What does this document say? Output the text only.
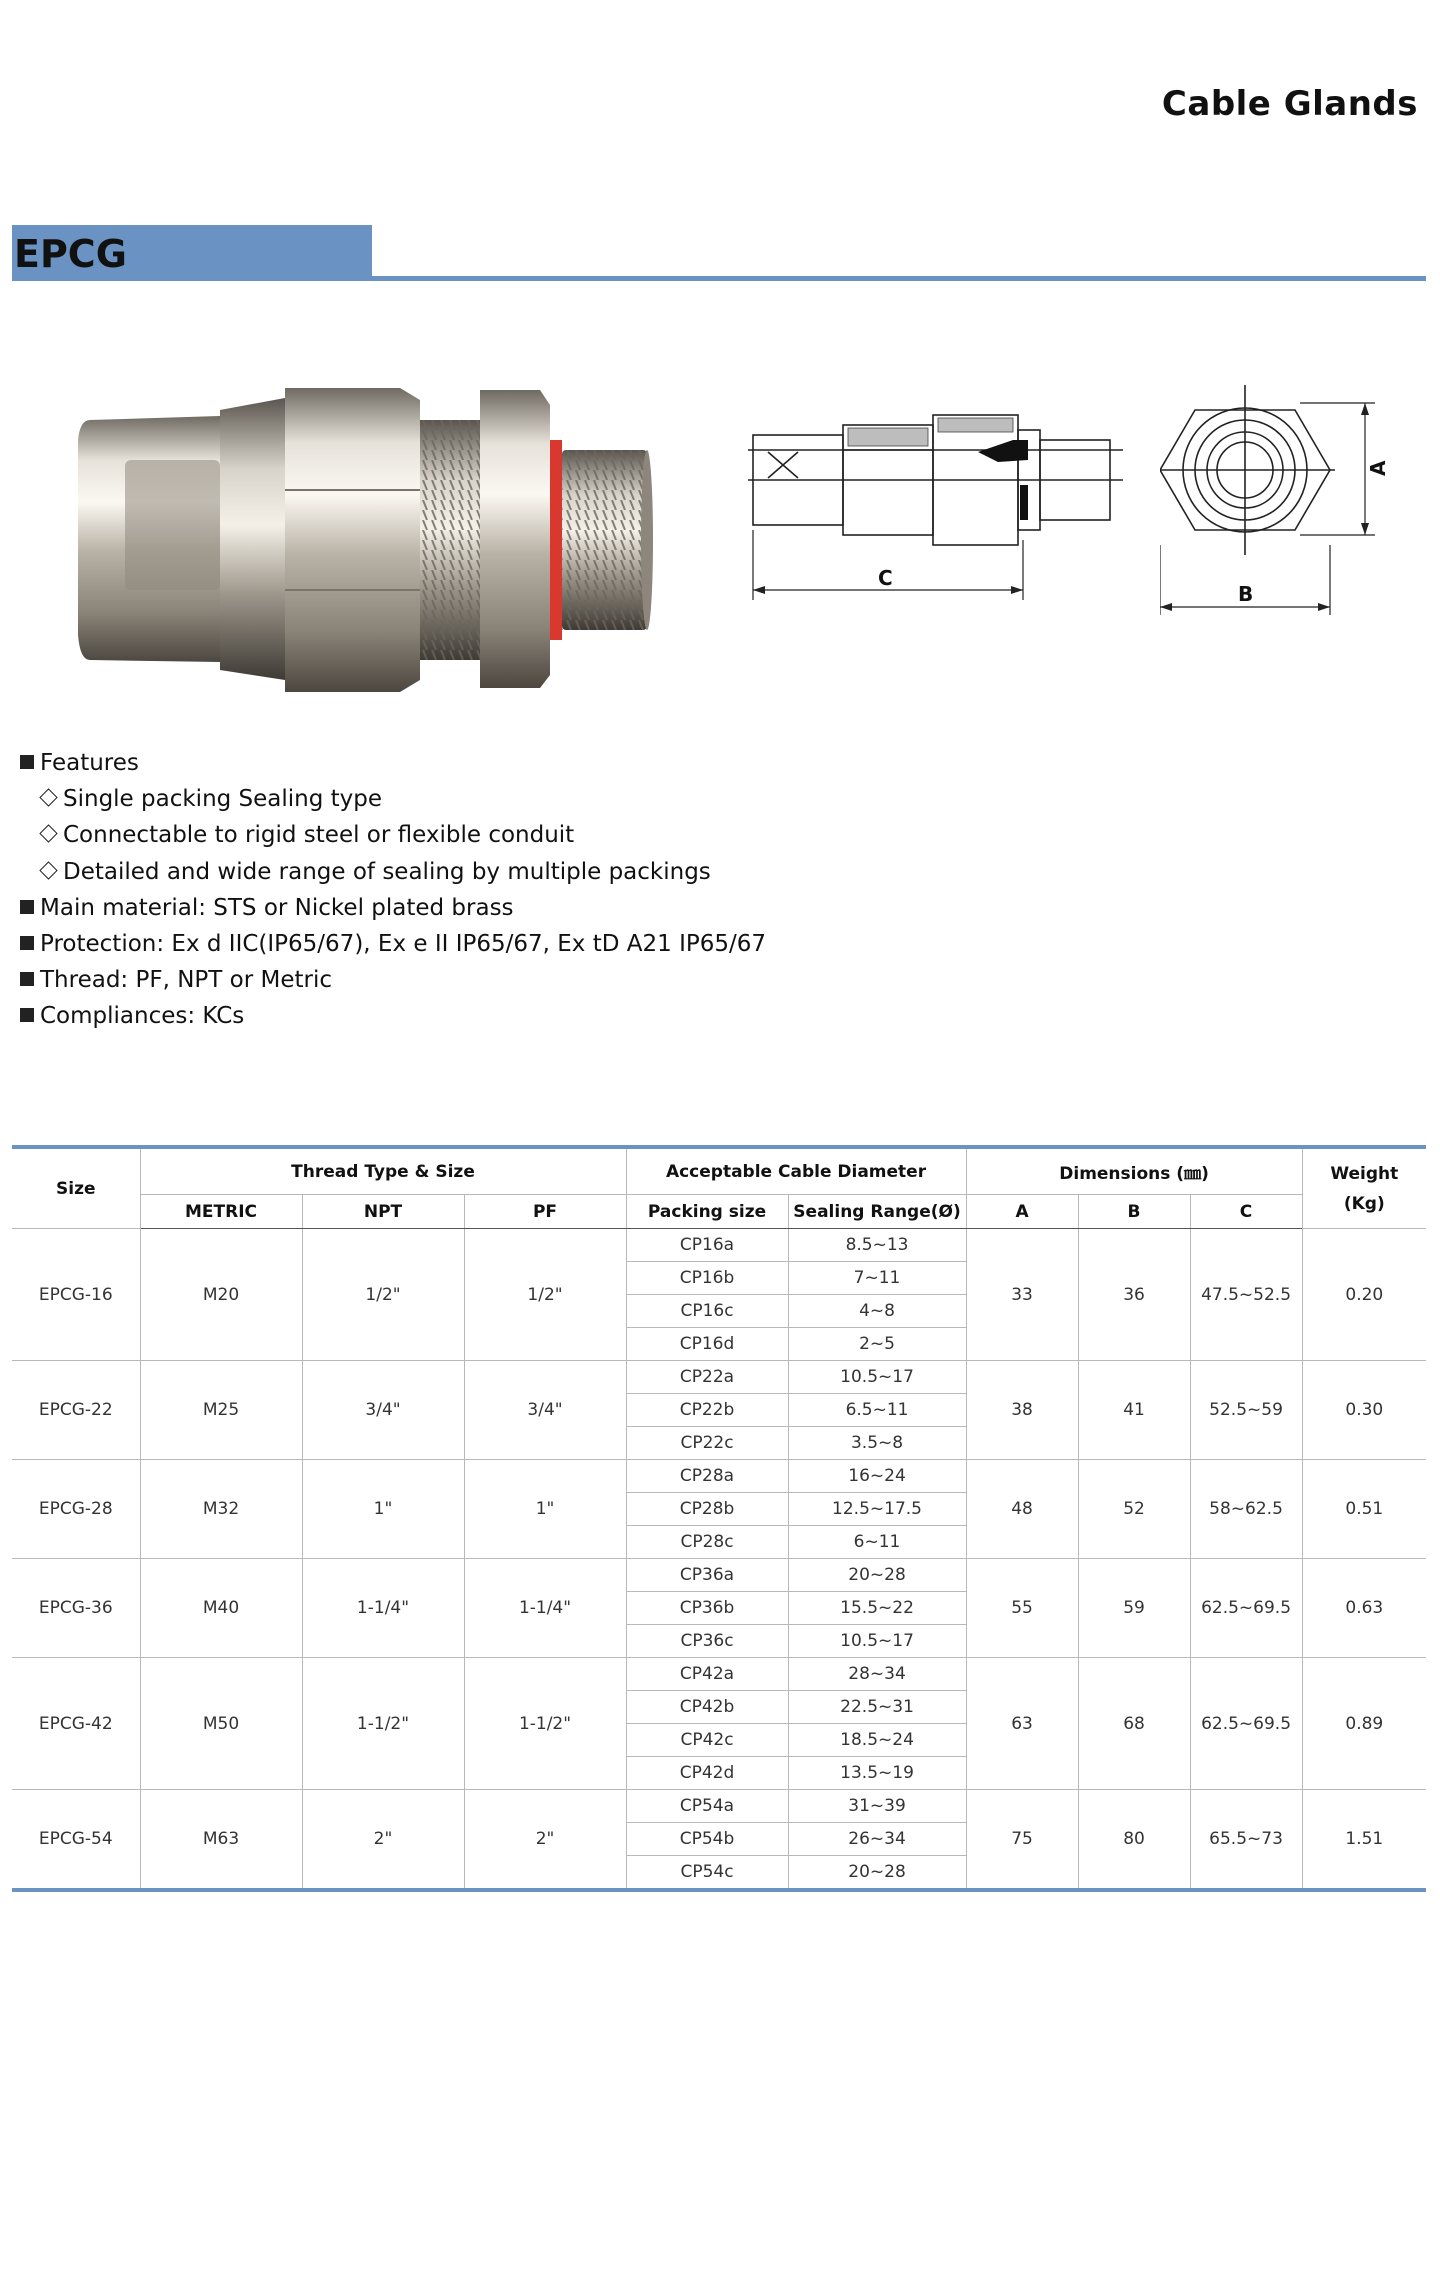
Cable Glands
EPCG
C
A
B
Features
Single packing Sealing type
Connectable to rigid steel or flexible conduit
Detailed and wide range of sealing by multiple packings
Main material: STS or Nickel plated brass
Protection: Ex d IIC(IP65/67), Ex e II IP65/67, Ex tD A21 IP65/67
Thread: PF, NPT or Metric
Compliances: KCs
Size	Thread Type & Size			Acceptable Cable Diameter		Dimensions (㎜)			Weight
(Kg)

	METRIC	NPT	PF	Packing size	Sealing Range(Ø)	A	B	C	
EPCG-16	M20	1/2"	1/2"	CP16a	8.5~13	33	36	47.5~52.5	0.20
				CP16b	7~11				
				CP16c	4~8				
				CP16d	2~5				
EPCG-22	M25	3/4"	3/4"	CP22a	10.5~17	38	41	52.5~59	0.30
				CP22b	6.5~11				
				CP22c	3.5~8				
EPCG-28	M32	1"	1"	CP28a	16~24	48	52	58~62.5	0.51
				CP28b	12.5~17.5				
				CP28c	6~11				
EPCG-36	M40	1-1/4"	1-1/4"	CP36a	20~28	55	59	62.5~69.5	0.63
				CP36b	15.5~22				
				CP36c	10.5~17				
EPCG-42	M50	1-1/2"	1-1/2"	CP42a	28~34	63	68	62.5~69.5	0.89
				CP42b	22.5~31				
				CP42c	18.5~24				
				CP42d	13.5~19				
EPCG-54	M63	2"	2"	CP54a	31~39	75	80	65.5~73	1.51
				CP54b	26~34				
				CP54c	20~28				
